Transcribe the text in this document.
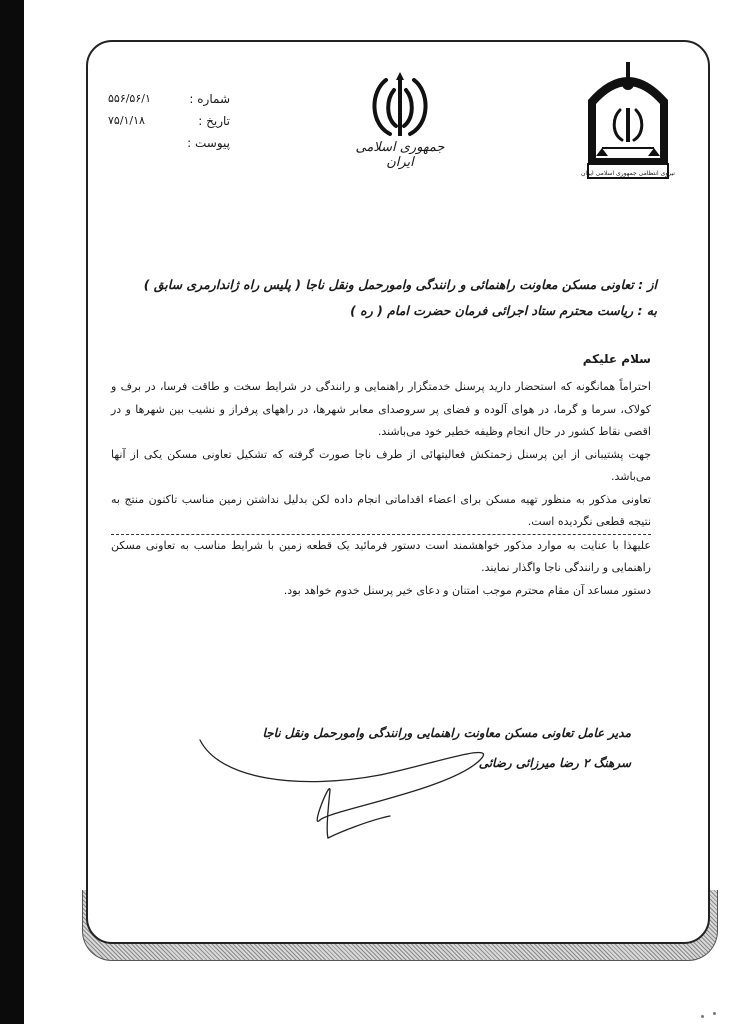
شماره :
۵۵۶/۵۶/۱
تاریخ :
۷۵/۱/۱۸
پیوست :	جمهوری اسلامی ایران
نیروی انتظامی جمهوری اسلامی ایران
از : تعاونی مسکن معاونت راهنمائی و رانندگی وامورحمل ونقل ناجا ( پلیس راه ژاندارمری سابق )
به : ریاست محترم ستاد اجرائی فرمان حضرت امام ( ره )
سلام علیکم

احتراماً همانگونه که استحضار دارید پرسنل خدمتگزار راهنمایی و رانندگی در شرایط سخت و طاقت فرسا، در برف و کولاک، سرما و گرما، در هوای آلوده و فضای پر سروصدای معابر شهرها، در راههای پرفراز و نشیب بین شهرها و در اقصی نقاط کشور در حال انجام وظیفه خطیر خود می‌باشند.

جهت پشتیبانی از این پرسنل زحمتکش فعالیتهائی از طرف ناجا صورت گرفته که تشکیل تعاونی مسکن یکی از آنها می‌باشد.

تعاونی مذکور به منظور تهیه مسکن برای اعضاء اقداماتی انجام داده لکن بدلیل نداشتن زمین مناسب تاکنون منتج به نتیجه قطعی نگردیده است.

علیهذا با عنایت به موارد مذکور خواهشمند است دستور فرمائید یک قطعه زمین با شرایط مناسب به تعاونی مسکن راهنمایی و رانندگی ناجا واگذار نمایند.

دستور مساعد آن مقام محترم موجب امتنان و دعای خیر پرسنل خدوم خواهد بود.

مدیر عامل تعاونی مسکن معاونت راهنمایی ورانندگی وامورحمل ونقل ناجا
سرهنگ ۲ رضا میرزائی رضائی
